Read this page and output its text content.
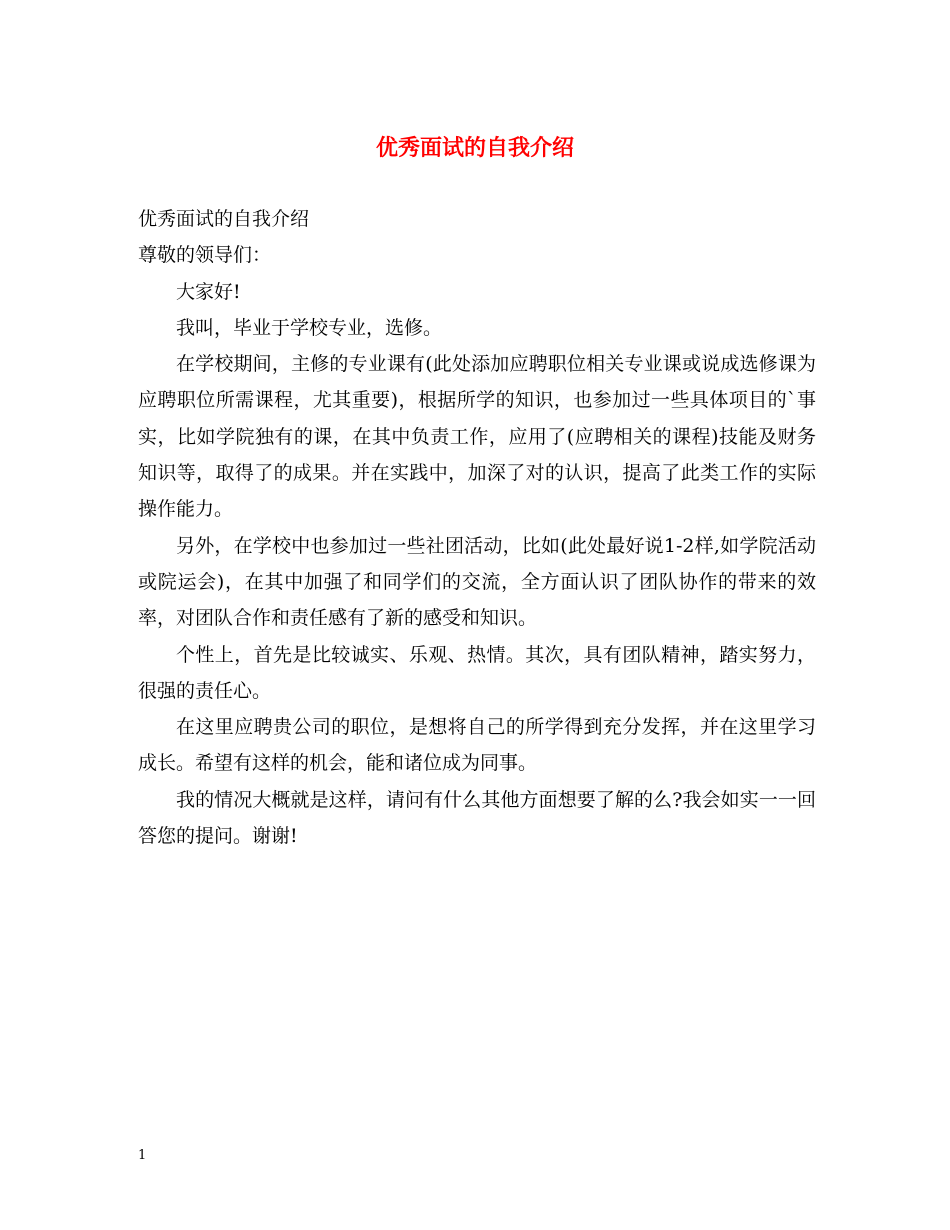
优秀面试的自我介绍

优秀面试的自我介绍

尊敬的领导们：

大家好!

我叫，毕业于学校专业，选修。

在学校期间，主修的专业课有(此处添加应聘职位相关专业课或说成选修课为应聘职位所需课程，尤其重要)，根据所学的知识，也参加过一些具体项目的`事实，比如学院独有的课，在其中负责工作，应用了(应聘相关的课程)技能及财务知识等，取得了的成果。并在实践中，加深了对的认识，提高了此类工作的实际操作能力。

另外，在学校中也参加过一些社团活动，比如(此处最好说1-2样,如学院活动或院运会)，在其中加强了和同学们的交流，全方面认识了团队协作的带来的效率，对团队合作和责任感有了新的感受和知识。

个性上，首先是比较诚实、乐观、热情。其次，具有团队精神，踏实努力，很强的责任心。

在这里应聘贵公司的职位，是想将自己的所学得到充分发挥，并在这里学习成长。希望有这样的机会，能和诸位成为同事。

我的情况大概就是这样，请问有什么其他方面想要了解的么?我会如实一一回答您的提问。谢谢!

1
